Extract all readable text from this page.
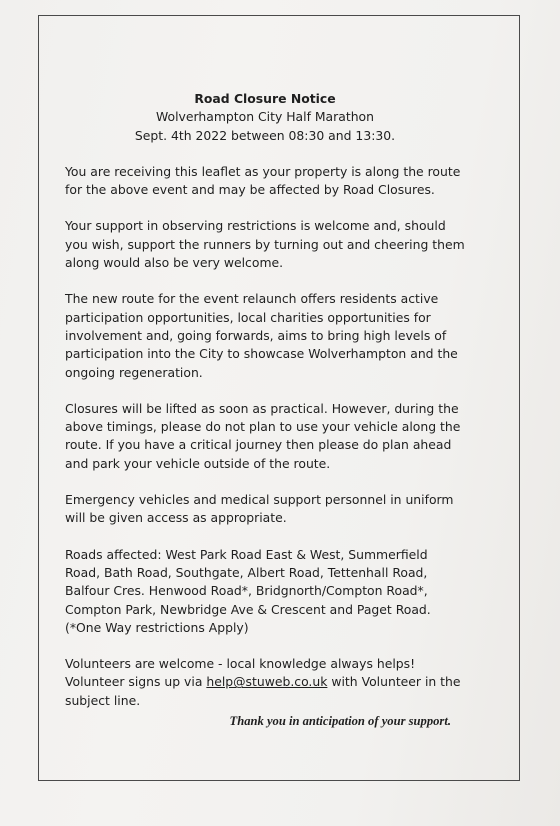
Road Closure Notice
Wolverhampton City Half Marathon
Sept. 4th 2022 between 08:30 and 13:30.

You are receiving this leaflet as your property is along the route for the above event and may be affected by Road Closures.

Your support in observing restrictions is welcome and, should you wish, support the runners by turning out and cheering them along would also be very welcome.

The new route for the event relaunch offers residents active participation opportunities, local charities opportunities for involvement and, going forwards, aims to bring high levels of participation into the City to showcase Wolverhampton and the ongoing regeneration.

Closures will be lifted as soon as practical. However, during the above timings, please do not plan to use your vehicle along the route. If you have a critical journey then please do plan ahead and park your vehicle outside of the route.

Emergency vehicles and medical support personnel in uniform will be given access as appropriate.

Roads affected: West Park Road East & West, Summerfield Road, Bath Road, Southgate, Albert Road, Tettenhall Road, Balfour Cres. Henwood Road*, Bridgnorth/Compton Road*, Compton Park, Newbridge Ave & Crescent and Paget Road. (*One Way restrictions Apply)

Volunteers are welcome - local knowledge always helps!
Volunteer signs up via help@stuweb.co.uk with Volunteer in the subject line.

Thank you in anticipation of your support.
